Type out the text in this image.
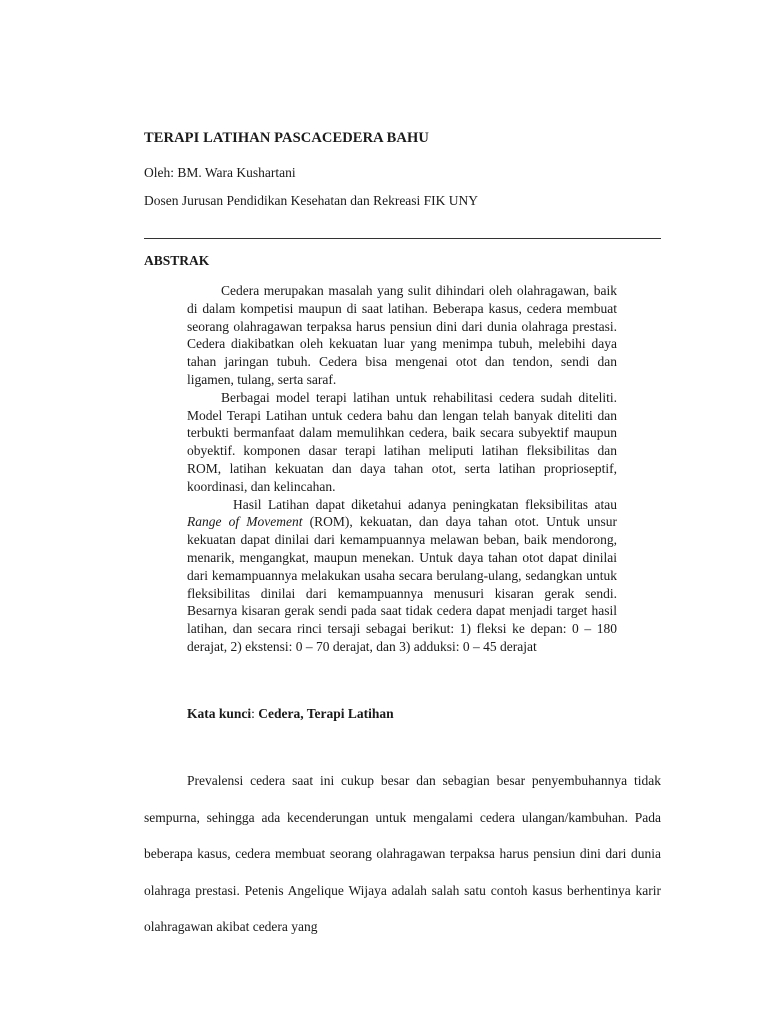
TERAPI LATIHAN PASCACEDERA BAHU
Oleh: BM. Wara Kushartani
Dosen Jurusan Pendidikan Kesehatan dan Rekreasi FIK UNY
ABSTRAK

Cedera merupakan masalah yang sulit dihindari oleh olahragawan, baik di dalam kompetisi maupun di saat latihan. Beberapa kasus, cedera membuat seorang olahragawan terpaksa harus pensiun dini dari dunia olahraga prestasi. Cedera diakibatkan oleh kekuatan luar yang menimpa tubuh, melebihi daya tahan jaringan tubuh. Cedera bisa mengenai otot dan tendon, sendi dan ligamen, tulang, serta saraf.

Berbagai model terapi latihan untuk rehabilitasi cedera sudah diteliti. Model Terapi Latihan untuk cedera bahu dan lengan telah banyak diteliti dan terbukti bermanfaat dalam memulihkan cedera, baik secara subyektif maupun obyektif. komponen dasar terapi latihan meliputi latihan fleksibilitas dan ROM, latihan kekuatan dan daya tahan otot, serta latihan proprioseptif, koordinasi, dan kelincahan.

Hasil Latihan dapat diketahui adanya peningkatan fleksibilitas atau Range of Movement (ROM), kekuatan, dan daya tahan otot. Untuk unsur kekuatan dapat dinilai dari kemampuannya melawan beban, baik mendorong, menarik, mengangkat, maupun menekan. Untuk daya tahan otot dapat dinilai dari kemampuannya melakukan usaha secara berulang-ulang, sedangkan untuk fleksibilitas dinilai dari kemampuannya menusuri kisaran gerak sendi. Besarnya kisaran gerak sendi pada saat tidak cedera dapat menjadi target hasil latihan, dan secara rinci tersaji sebagai berikut: 1) fleksi ke depan: 0 – 180 derajat, 2) ekstensi: 0 – 70 derajat, dan 3) adduksi: 0 – 45 derajat

Kata kunci: Cedera, Terapi Latihan

Prevalensi cedera saat ini cukup besar dan sebagian besar penyembuhannya tidak sempurna, sehingga ada kecenderungan untuk mengalami cedera ulangan/kambuhan. Pada beberapa kasus, cedera membuat seorang olahragawan terpaksa harus pensiun dini dari dunia olahraga prestasi. Petenis Angelique Wijaya adalah salah satu contoh kasus berhentinya karir olahragawan akibat cedera yang
